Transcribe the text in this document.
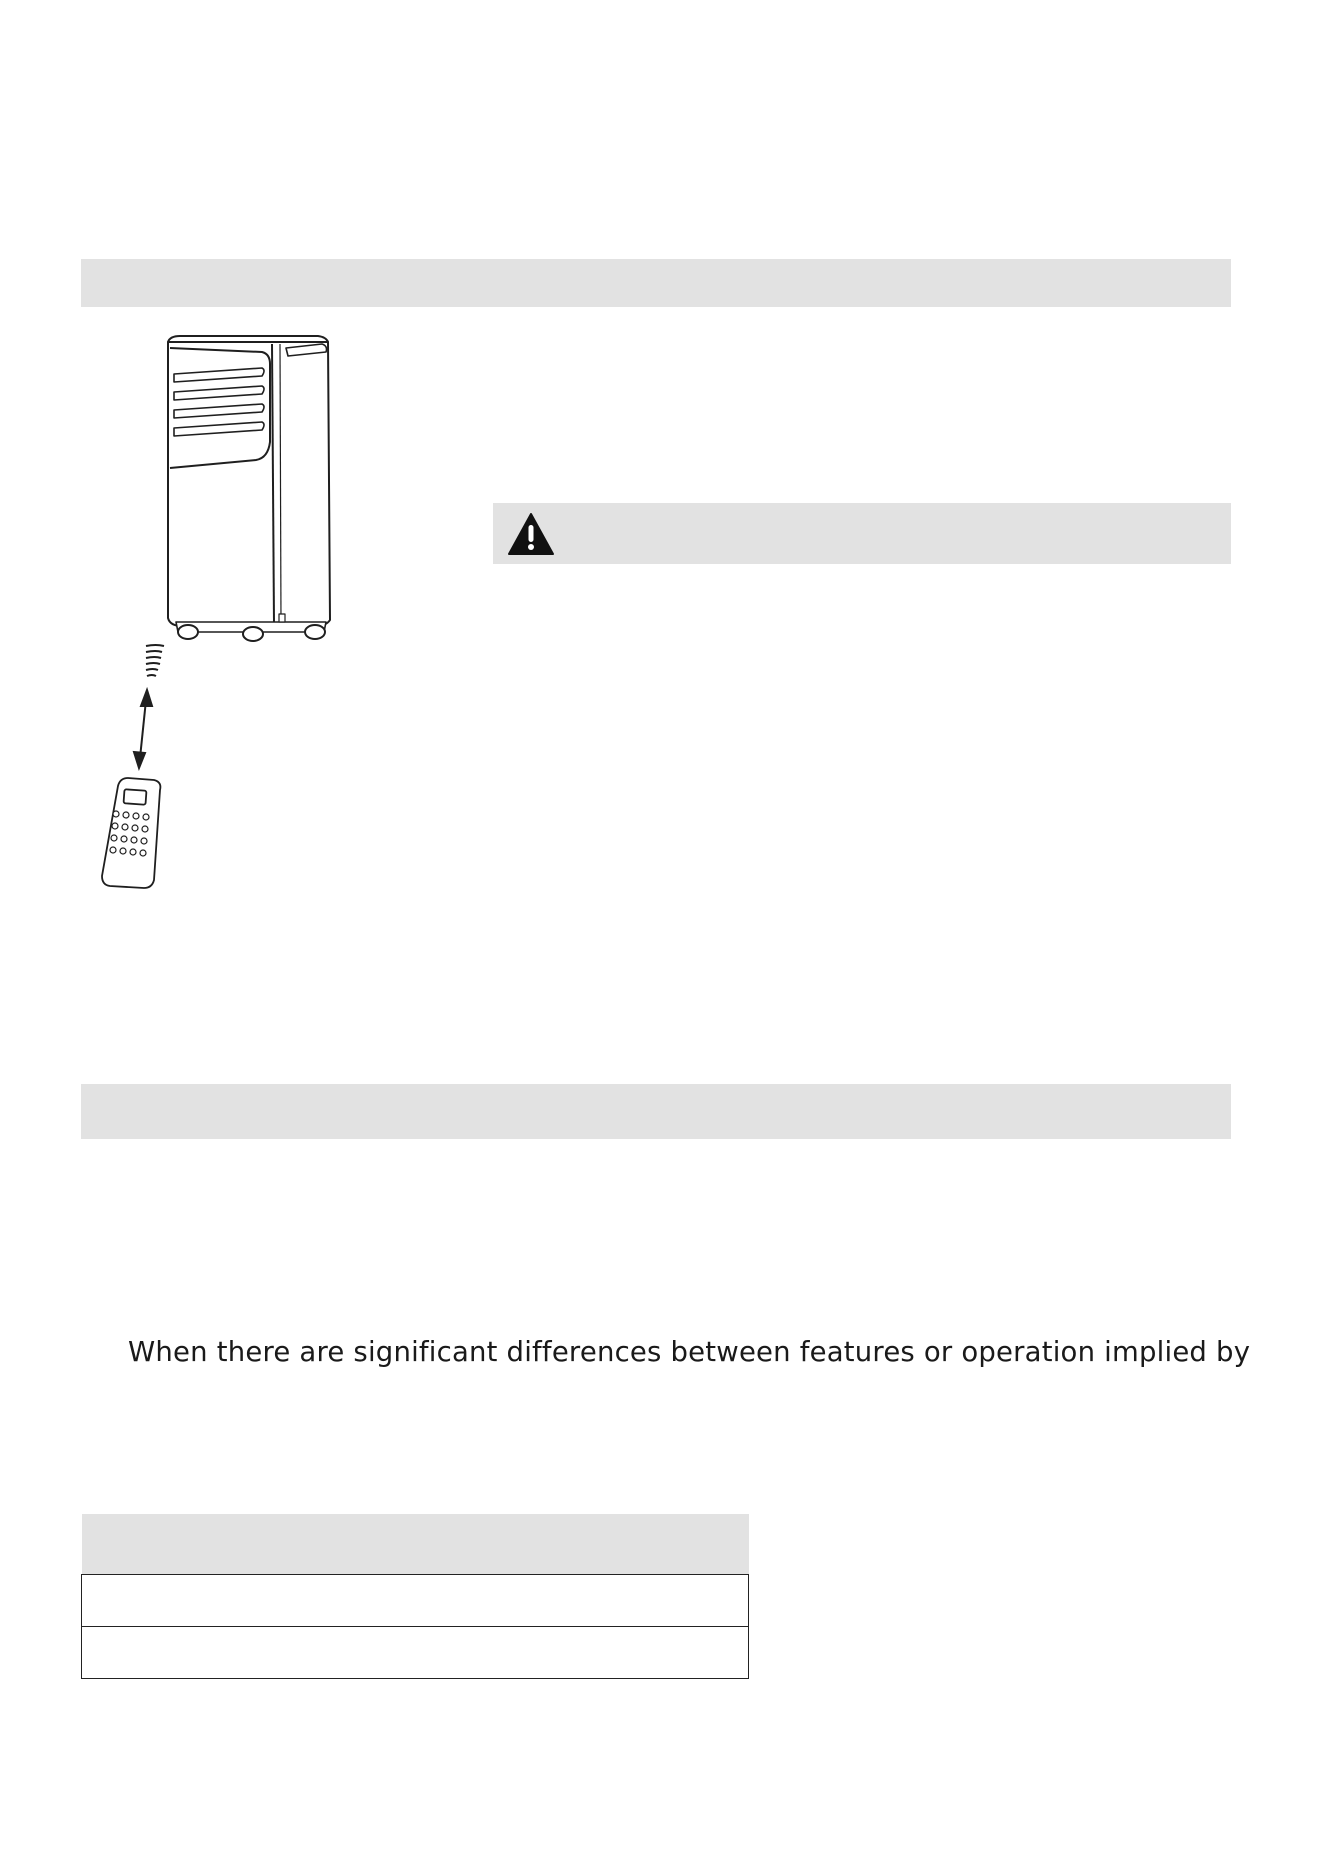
When there are significant differences between features or operation implied by
